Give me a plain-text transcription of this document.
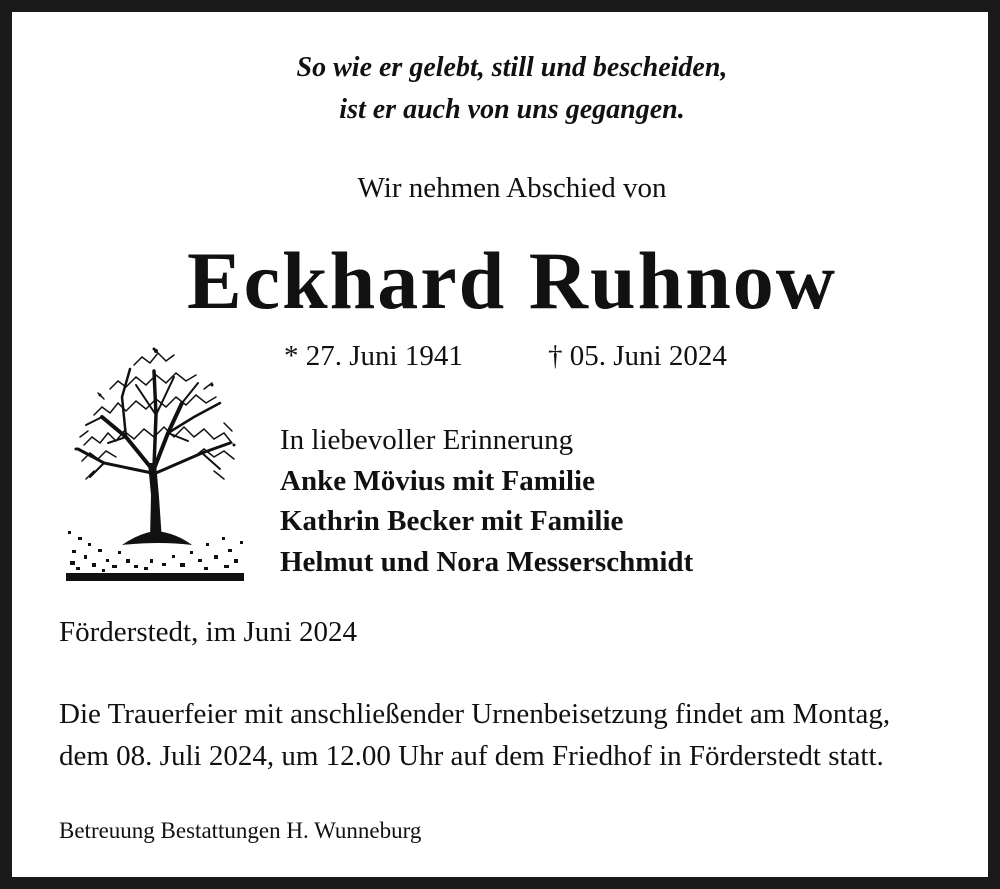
So wie er gelebt, still und bescheiden,
ist er auch von uns gegangen.
Wir nehmen Abschied von
Eckhard Ruhnow
* 27. Juni 1941	† 05. Juni 2024
In liebevoller Erinnerung
Anke Mövius mit Familie
Kathrin Becker mit Familie
Helmut und Nora Messerschmidt
Förderstedt, im Juni 2024
Die Trauerfeier mit anschließender Urnenbeisetzung findet am Montag,
dem 08. Juli 2024, um 12.00 Uhr auf dem Friedhof in Förderstedt statt.
Betreuung Bestattungen H. Wunneburg
